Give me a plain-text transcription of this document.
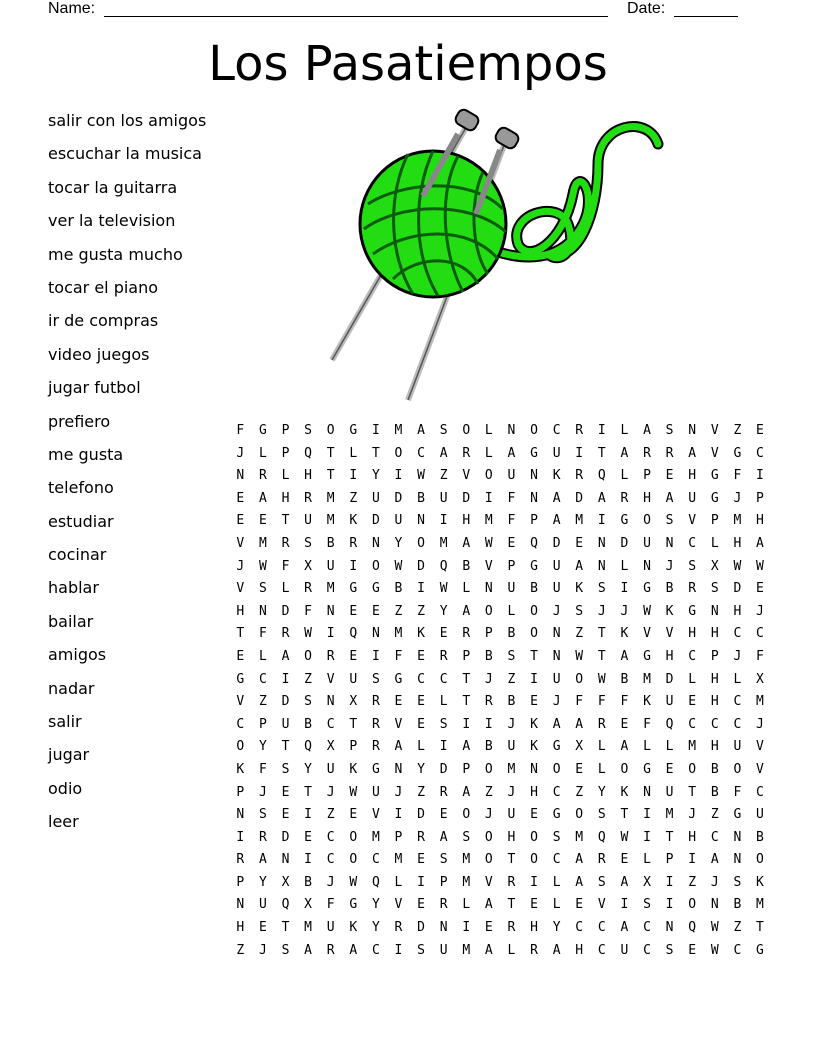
Name:	Date:
Los Pasatiempos
salir con los amigos
escuchar la musica
tocar la guitarra
ver la television
me gusta mucho
tocar el piano
ir de compras
video juegos
jugar futbol
prefiero
me gusta
telefono
estudiar
cocinar
hablar
bailar
amigos
nadar
salir
jugar
odio
leer
F	G	P	S	O	G	I	M	A	S	O	L	N	O	C	R	I	L	A	S	N	V	Z	E
J	L	P	Q	T	L	T	O	C	A	R	L	A	G	U	I	T	A	R	R	A	V	G	C
N	R	L	H	T	I	Y	I	W	Z	V	O	U	N	K	R	Q	L	P	E	H	G	F	I
E	A	H	R	M	Z	U	D	B	U	D	I	F	N	A	D	A	R	H	A	U	G	J	P
E	E	T	U	M	K	D	U	N	I	H	M	F	P	A	M	I	G	O	S	V	P	M	H
V	M	R	S	B	R	N	Y	O	M	A	W	E	Q	D	E	N	D	U	N	C	L	H	A
J	W	F	X	U	I	O	W	D	Q	B	V	P	G	U	A	N	L	N	J	S	X	W	W
V	S	L	R	M	G	G	B	I	W	L	N	U	B	U	K	S	I	G	B	R	S	D	E
H	N	D	F	N	E	E	Z	Z	Y	A	O	L	O	J	S	J	J	W	K	G	N	H	J
T	F	R	W	I	Q	N	M	K	E	R	P	B	O	N	Z	T	K	V	V	H	H	C	C
E	L	A	O	R	E	I	F	E	R	P	B	S	T	N	W	T	A	G	H	C	P	J	F
G	C	I	Z	V	U	S	G	C	C	T	J	Z	I	U	O	W	B	M	D	L	H	L	X
V	Z	D	S	N	X	R	E	E	L	T	R	B	E	J	F	F	F	K	U	E	H	C	M
C	P	U	B	C	T	R	V	E	S	I	I	J	K	A	A	R	E	F	Q	C	C	C	J
O	Y	T	Q	X	P	R	A	L	I	A	B	U	K	G	X	L	A	L	L	M	H	U	V
K	F	S	Y	U	K	G	N	Y	D	P	O	M	N	O	E	L	O	G	E	O	B	O	V
P	J	E	T	J	W	U	J	Z	R	A	Z	J	H	C	Z	Y	K	N	U	T	B	F	C
N	S	E	I	Z	E	V	I	D	E	O	J	U	E	G	O	S	T	I	M	J	Z	G	U
I	R	D	E	C	O	M	P	R	A	S	O	H	O	S	M	Q	W	I	T	H	C	N	B
R	A	N	I	C	O	C	M	E	S	M	O	T	O	C	A	R	E	L	P	I	A	N	O
P	Y	X	B	J	W	Q	L	I	P	M	V	R	I	L	A	S	A	X	I	Z	J	S	K
N	U	Q	X	F	G	Y	V	E	R	L	A	T	E	L	E	V	I	S	I	O	N	B	M
H	E	T	M	U	K	Y	R	D	N	I	E	R	H	Y	C	C	A	C	N	Q	W	Z	T
Z	J	S	A	R	A	C	I	S	U	M	A	L	R	A	H	C	U	C	S	E	W	C	G
